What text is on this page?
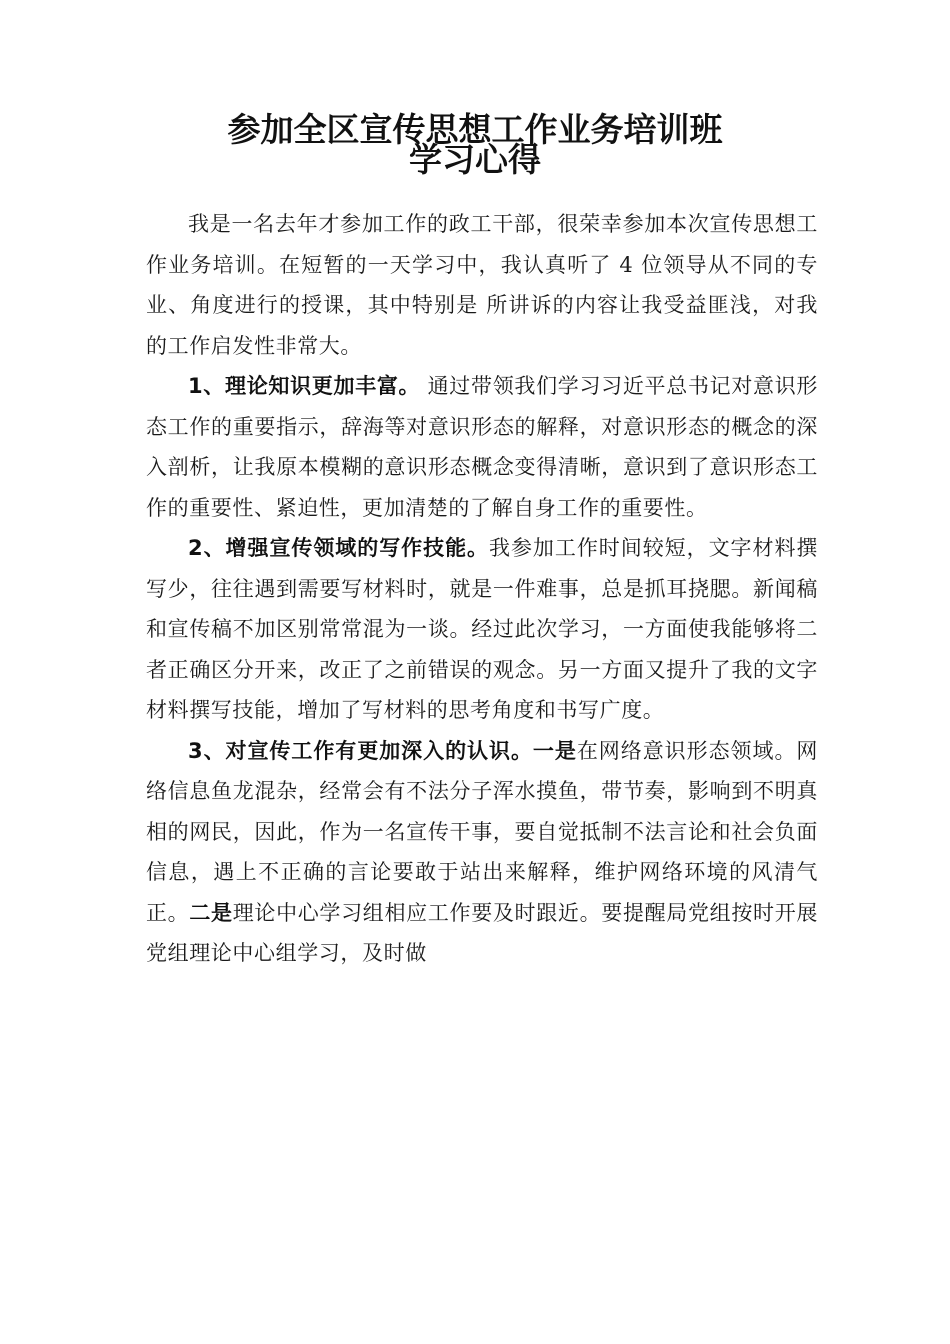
参加全区宣传思想工作业务培训班
学习心得

我是一名去年才参加工作的政工干部，很荣幸参加本次宣传思想工作业务培训。在短暂的一天学习中，我认真听了 4 位领导从不同的专业、角度进行的授课，其中特别是 所讲诉的内容让我受益匪浅，对我的工作启发性非常大。

1、理论知识更加丰富。 通过带领我们学习习近平总书记对意识形态工作的重要指示，辞海等对意识形态的解释，对意识形态的概念的深入剖析，让我原本模糊的意识形态概念变得清晰，意识到了意识形态工作的重要性、紧迫性，更加清楚的了解自身工作的重要性。

2、增强宣传领域的写作技能。我参加工作时间较短，文字材料撰写少，往往遇到需要写材料时，就是一件难事，总是抓耳挠腮。新闻稿和宣传稿不加区别常常混为一谈。经过此次学习，一方面使我能够将二者正确区分开来，改正了之前错误的观念。另一方面又提升了我的文字材料撰写技能，增加了写材料的思考角度和书写广度。

3、对宣传工作有更加深入的认识。一是在网络意识形态领域。网络信息鱼龙混杂，经常会有不法分子浑水摸鱼，带节奏，影响到不明真相的网民，因此，作为一名宣传干事，要自觉抵制不法言论和社会负面信息，遇上不正确的言论要敢于站出来解释，维护网络环境的风清气正。二是理论中心学习组相应工作要及时跟近。要提醒局党组按时开展党组理论中心组学习，及时做
